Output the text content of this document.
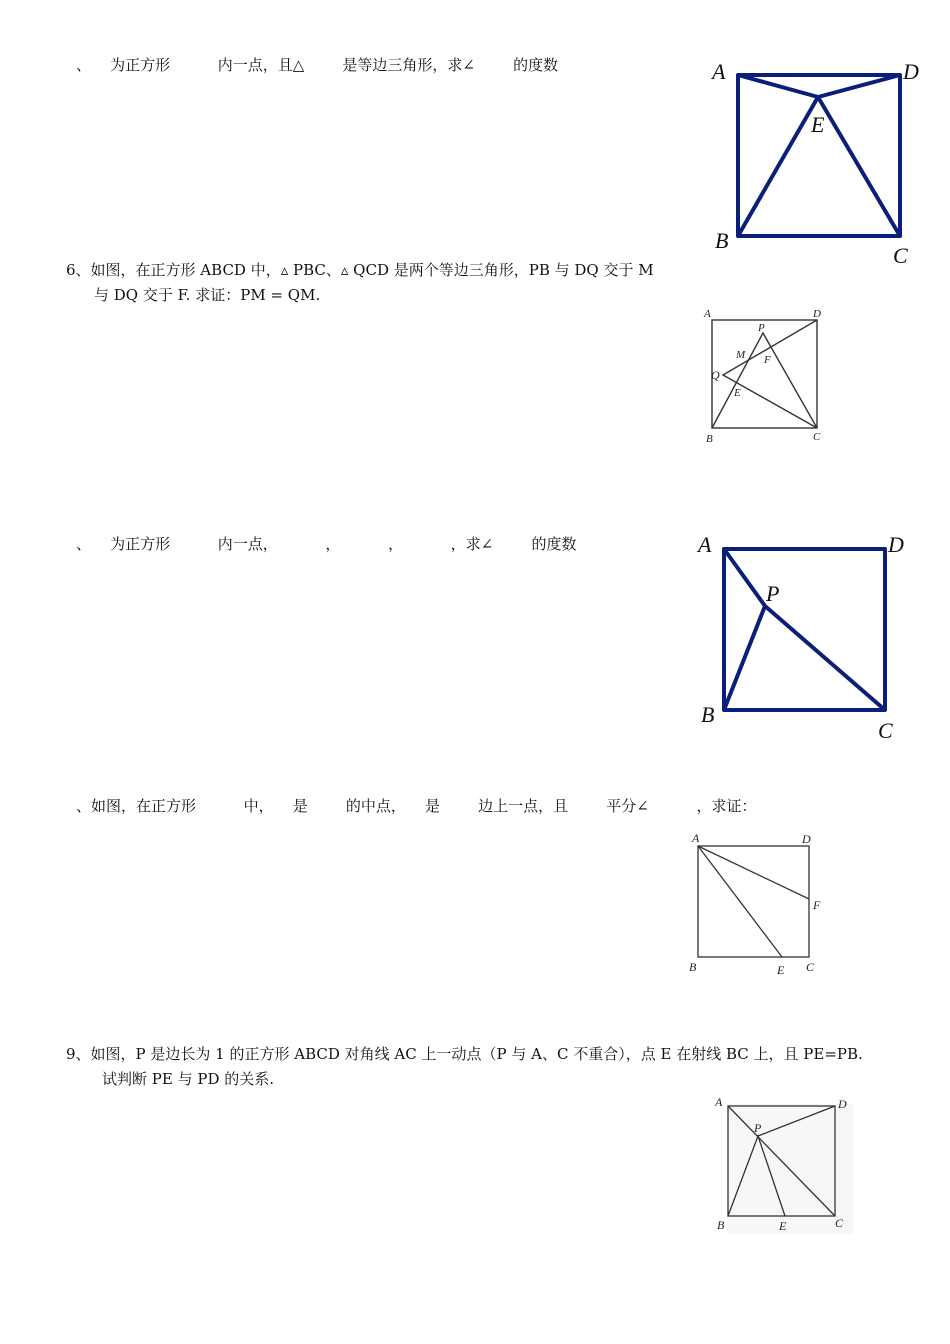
、    为正方形          内一点，且△        是等边三角形，求∠        的度数	A	D
E
B
C
6、如图，在正方形 ABCD 中，▵ PBC、▵ QCD 是两个等边三角形，PB 与 DQ 交于 M
与 DQ 交于 F. 求证：PM = QM.
A	D
P
M F
Q
E
B	C
、    为正方形          内一点，          ，          ，          ，求∠        的度数	A	D
P
B
C
、如图，在正方形          中，    是        的中点，    是        边上一点，且        平分∠          ，求证：
A	D
F
B	E C
9、如图，P 是边长为 1 的正方形 ABCD 对角线 AC 上一动点（P 与 A、C 不重合），点 E 在射线 BC 上，且 PE=PB.
试判断 PE 与 PD 的关系.
A	D
P
B	E	C
